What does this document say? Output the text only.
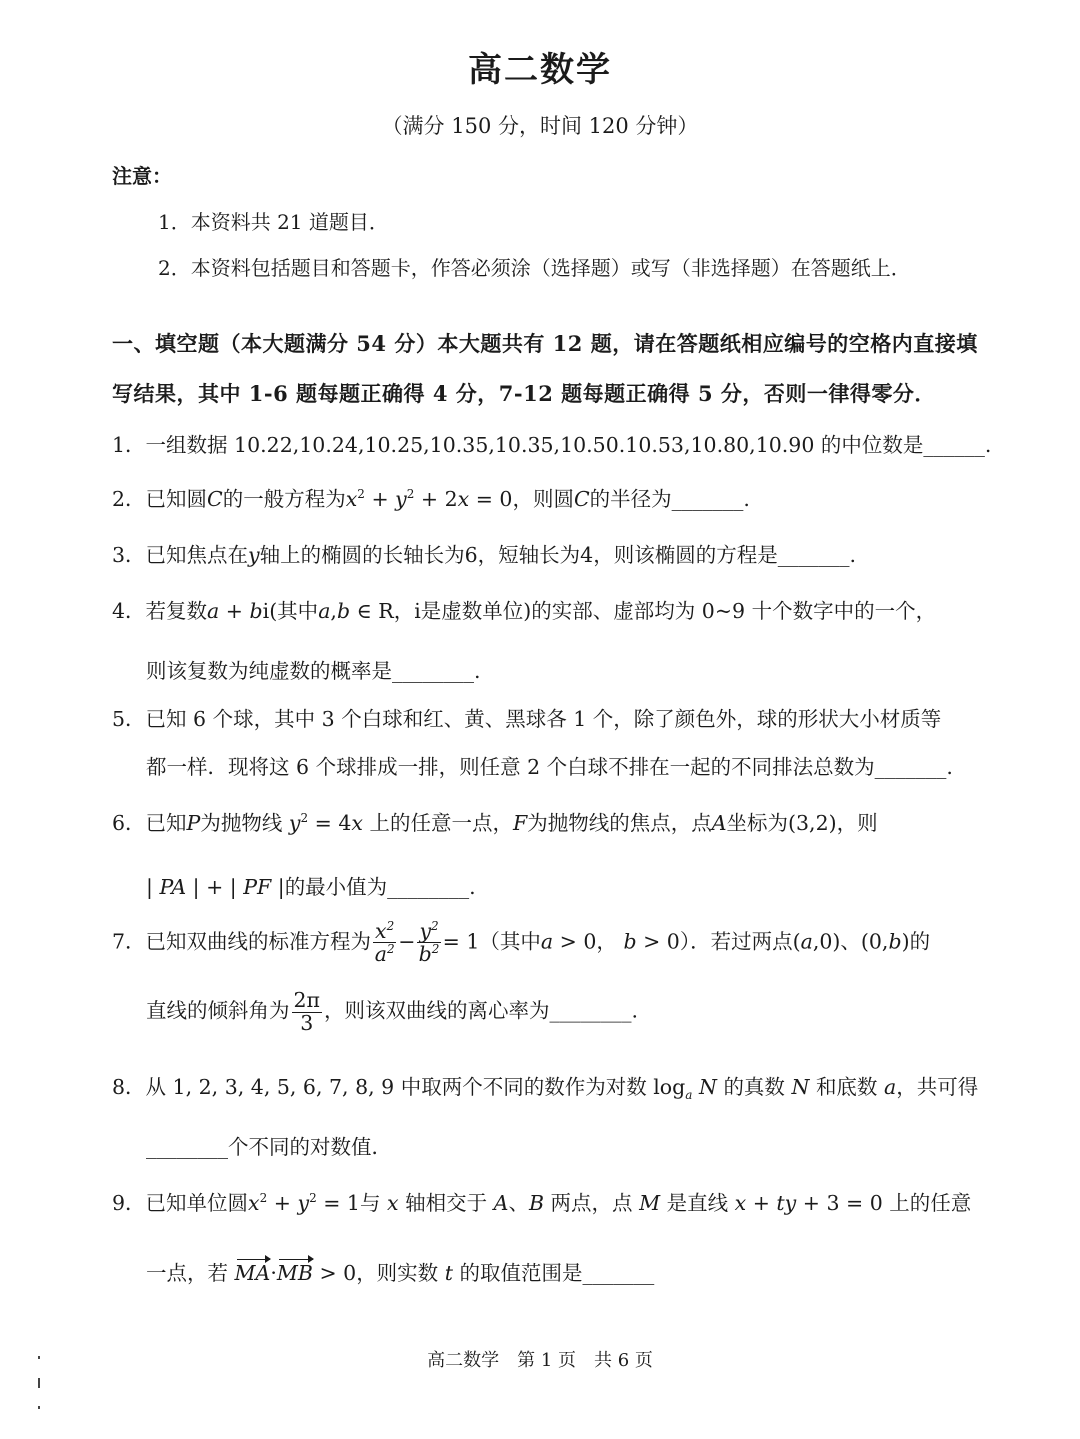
高二数学
（满分 150 分，时间 120 分钟）
注意：
1．本资料共 21 道题目．
2．本资料包括题目和答题卡，作答必须涂（选择题）或写（非选择题）在答题纸上．
一、填空题（本大题满分 54 分）本大题共有 12 题，请在答题纸相应编号的空格内直接填
写结果，其中 1-6 题每题正确得 4 分，7-12 题每题正确得 5 分，否则一律得零分．
1．一组数据 10.22,10.24,10.25,10.35,10.35,10.50.10.53,10.80,10.90 的中位数是______.
2．已知圆C的一般方程为$x^2 + y^2 + 2x = 0$，则圆C的半径为_______.
3．已知焦点在y轴上的椭圆的长轴长为6，短轴长为4，则该椭圆的方程是_______.
4．若复数a + bi(其中a,b ∈ R，i是虚数单位)的实部、虚部均为 0~9 十个数字中的一个，
则该复数为纯虚数的概率是________.
5．已知 6 个球，其中 3 个白球和红、黄、黑球各 1 个，除了颜色外，球的形状大小材质等
都一样．现将这 6 个球排成一排，则任意 2 个白球不排在一起的不同排法总数为_______.
6．已知P为抛物线 $y^2 = 4x$ 上的任意一点，F为抛物线的焦点，点A坐标为(3,2)，则
| PA | + | PF |的最小值为________.
7．已知双曲线的标准方程为 $\frac{x^2}{a^2} - \frac{y^2}{b^2} = 1$（其中a > 0， b > 0）．若过两点(a,0)、(0,b)的
直线的倾斜角为 $\frac{2\pi}{3}$ ，则该双曲线的离心率为________.
8．从 1, 2, 3, 4, 5, 6, 7, 8, 9 中取两个不同的数作为对数 $\log_a N$ 的真数 N 和底数 a，共可得
________个不同的对数值．
9．已知单位圆$x^2 + y^2 = 1$与 x 轴相交于 A、B 两点，点 M 是直线 x + ty + 3 = 0 上的任意
一点，若 MA·MB > 0，则实数 t 的取值范围是_______
高二数学　第 1 页　共 6 页
